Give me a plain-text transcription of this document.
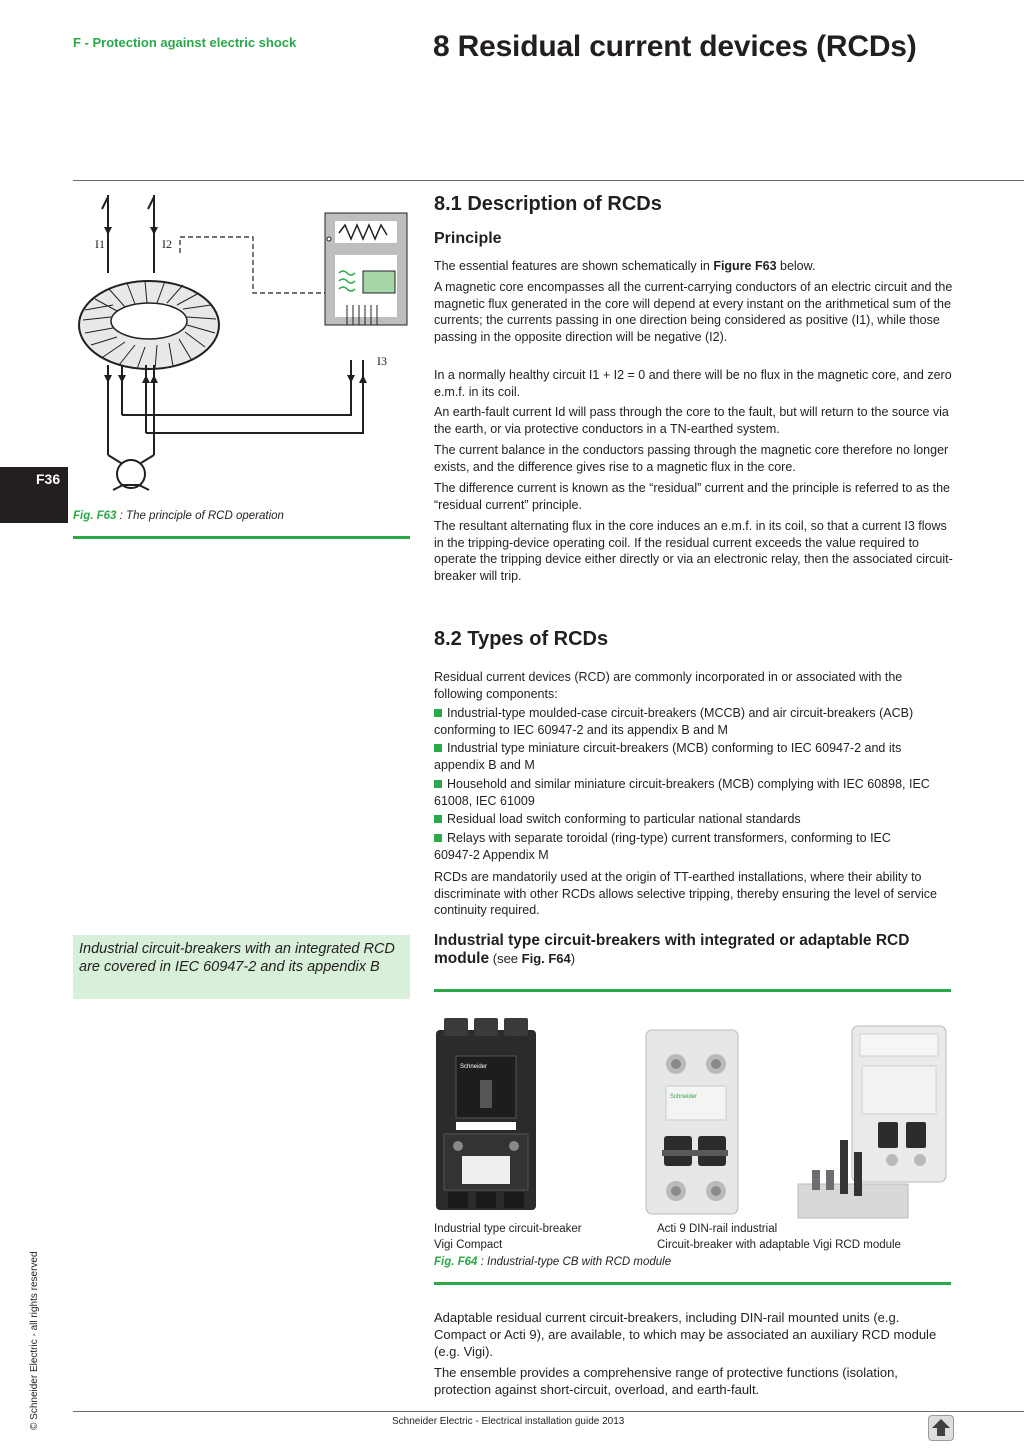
F - Protection against electric shock	8 Residual current devices (RCDs)
F36
I1	I2
I3
Fig. F63 : The principle of RCD operation
8.1 Description of RCDs
Principle
The essential features are shown schematically in Figure F63 below.
A magnetic core encompasses all the current-carrying conductors of an electric circuit and the magnetic flux generated in the core will depend at every instant on the arithmetical sum of the currents; the currents passing in one direction being considered as positive (I1), while those passing in the opposite direction will be negative (I2).
In a normally healthy circuit I1 + I2 = 0 and there will be no flux in the magnetic core, and zero e.m.f. in its coil.
An earth-fault current Id will pass through the core to the fault, but will return to the source via the earth, or via protective conductors in a TN-earthed system.
The current balance in the conductors passing through the magnetic core therefore no longer exists, and the difference gives rise to a magnetic flux in the core.
The difference current is known as the “residual” current and the principle is referred to as the “residual current” principle.
The resultant alternating flux in the core induces an e.m.f. in its coil, so that a current I3 flows in the tripping-device operating coil. If the residual current exceeds the value required to operate the tripping device either directly or via an electronic relay, then the associated circuit-breaker will trip.
8.2 Types of RCDs
Residual current devices (RCD) are commonly incorporated in or associated with the following components:
Industrial-type moulded-case circuit-breakers (MCCB) and air circuit-breakers (ACB) conforming to IEC 60947-2 and its appendix B and M
Industrial type miniature circuit-breakers (MCB) conforming to IEC 60947-2 and its appendix B and M
Household and similar miniature circuit-breakers (MCB) complying with IEC 60898, IEC 61008, IEC 61009
Residual load switch conforming to particular national standards
Relays with separate toroidal (ring-type) current transformers, conforming to IEC 60947-2 Appendix M
RCDs are mandatorily used at the origin of TT-earthed installations, where their ability to discriminate with other RCDs allows selective tripping, thereby ensuring the level of service continuity required.
Industrial circuit-breakers with an integrated RCD are covered in IEC 60947-2 and its appendix B
Industrial type circuit-breakers with integrated or adaptable RCD module (see Fig. F64)
Schneider
Schneider
Industrial type circuit-breaker
Vigi Compact
Acti 9 DIN-rail industrial
Circuit-breaker with adaptable Vigi RCD module
Fig. F64 : Industrial-type CB with RCD module
Adaptable residual current circuit-breakers, including DIN-rail mounted units (e.g. Compact or Acti 9), are available, to which may be associated an auxiliary RCD module (e.g. Vigi).
The ensemble provides a comprehensive range of protective functions (isolation, protection against short-circuit, overload, and earth-fault.
© Schneider Electric - all rights reserved	Schneider Electric - Electrical installation guide 2013
